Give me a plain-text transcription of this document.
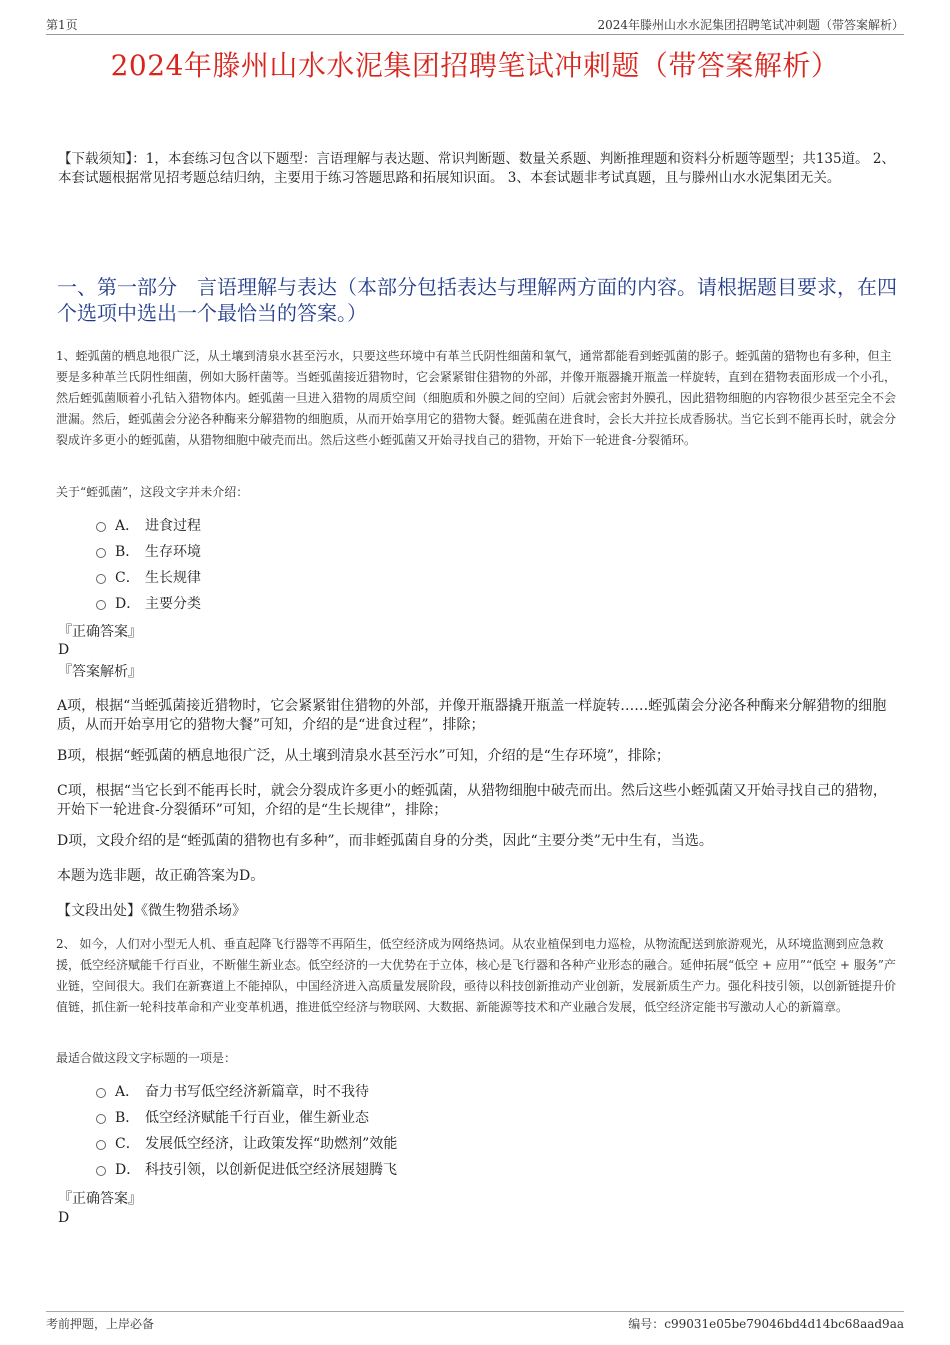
第1页	2024年滕州山水水泥集团招聘笔试冲刺题（带答案解析）
2024年滕州山水水泥集团招聘笔试冲刺题（带答案解析）
【下载须知】：1，本套练习包含以下题型：言语理解与表达题、常识判断题、数量关系题、判断推理题和资料分析题等题型；共135道。 2、本套试题根据常见招考题总结归纳，主要用于练习答题思路和拓展知识面。 3、本套试题非考试真题，且与滕州山水水泥集团无关。
一、第一部分　言语理解与表达（本部分包括表达与理解两方面的内容。请根据题目要求，在四个选项中选出一个最恰当的答案。）

1、蛭弧菌的栖息地很广泛，从土壤到清泉水甚至污水，只要这些环境中有革兰氏阴性细菌和氧气，通常都能看到蛭弧菌的影子。蛭弧菌的猎物也有多种，但主要是多种革兰氏阴性细菌，例如大肠杆菌等。当蛭弧菌接近猎物时，它会紧紧钳住猎物的外部，并像开瓶器撬开瓶盖一样旋转，直到在猎物表面形成一个小孔，然后蛭弧菌顺着小孔钻入猎物体内。蛭弧菌一旦进入猎物的周质空间（细胞质和外膜之间的空间）后就会密封外膜孔，因此猎物细胞的内容物很少甚至完全不会泄漏。然后，蛭弧菌会分泌各种酶来分解猎物的细胞质，从而开始享用它的猎物大餐。蛭弧菌在进食时，会长大并拉长成香肠状。当它长到不能再长时，就会分裂成许多更小的蛭弧菌，从猎物细胞中破壳而出。然后这些小蛭弧菌又开始寻找自己的猎物，开始下一轮进食-分裂循环。

关于“蛭弧菌”，这段文字并未介绍：

A． 进食过程
B． 生存环境
C． 生长规律
D． 主要分类
『正确答案』
D
『答案解析』

A项，根据“当蛭弧菌接近猎物时，它会紧紧钳住猎物的外部，并像开瓶器撬开瓶盖一样旋转……蛭弧菌会分泌各种酶来分解猎物的细胞质，从而开始享用它的猎物大餐”可知，介绍的是“进食过程”，排除；

B项，根据“蛭弧菌的栖息地很广泛，从土壤到清泉水甚至污水”可知，介绍的是“生存环境”，排除；

C项，根据“当它长到不能再长时，就会分裂成许多更小的蛭弧菌，从猎物细胞中破壳而出。然后这些小蛭弧菌又开始寻找自己的猎物，开始下一轮进食-分裂循环”可知，介绍的是“生长规律”，排除；

D项，文段介绍的是“蛭弧菌的猎物也有多种”，而非蛭弧菌自身的分类，因此“主要分类”无中生有，当选。

本题为选非题，故正确答案为D。

【文段出处】《微生物猎杀场》

2、 如今，人们对小型无人机、垂直起降飞行器等不再陌生，低空经济成为网络热词。从农业植保到电力巡检，从物流配送到旅游观光，从环境监测到应急救援，低空经济赋能千行百业，不断催生新业态。低空经济的一大优势在于立体，核心是飞行器和各种产业形态的融合。延伸拓展“低空 + 应用”“低空 + 服务”产业链，空间很大。我们在新赛道上不能掉队，中国经济进入高质量发展阶段，亟待以科技创新推动产业创新，发展新质生产力。强化科技引领，以创新链提升价值链，抓住新一轮科技革命和产业变革机遇，推进低空经济与物联网、大数据、新能源等技术和产业融合发展，低空经济定能书写激动人心的新篇章。

最适合做这段文字标题的一项是：

A． 奋力书写低空经济新篇章，时不我待
B． 低空经济赋能千行百业，催生新业态
C． 发展低空经济，让政策发挥“助燃剂”效能
D． 科技引领，以创新促进低空经济展翅腾飞
『正确答案』
D
考前押题，上岸必备	编号：c99031e05be79046bd4d14bc68aad9aa
